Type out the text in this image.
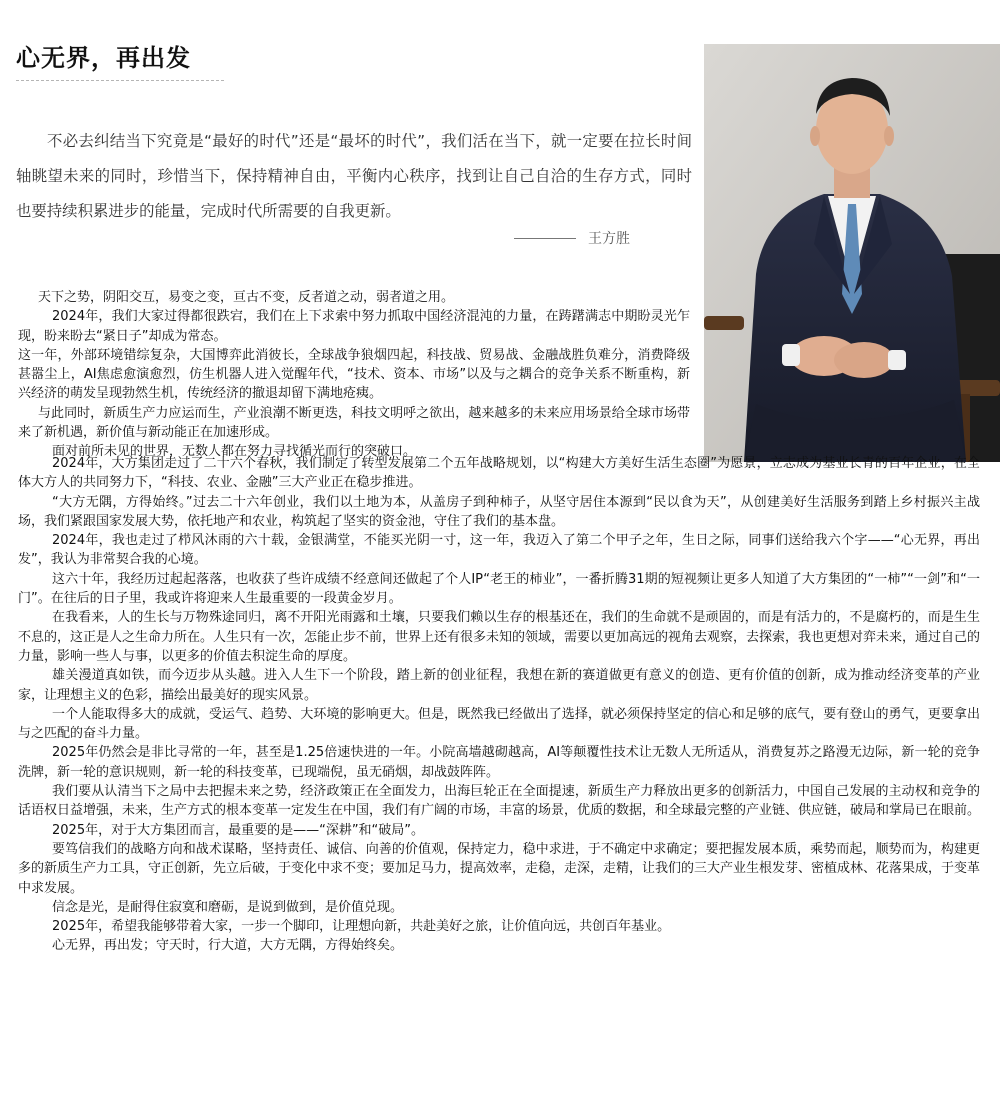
心无界，再出发

不必去纠结当下究竟是“最好的时代”还是“最坏的时代”，我们活在当下，就一定要在拉长时间轴眺望未来的同时，珍惜当下，保持精神自由，平衡内心秩序，找到让自己自洽的生存方式，同时也要持续积累进步的能量，完成时代所需要的自我更新。

王方胜

天下之势，阴阳交互，易变之变，亘古不变，反者道之动，弱者道之用。

2024年，我们大家过得都很跌宕，我们在上下求索中努力抓取中国经济混沌的力量，在踌躇满志中期盼灵光乍现，盼来盼去“紧日子”却成为常态。

这一年，外部环境错综复杂，大国博弈此消彼长，全球战争狼烟四起，科技战、贸易战、金融战胜负难分，消费降级甚嚣尘上，AI焦虑愈演愈烈，仿生机器人进入觉醒年代，“技术、资本、市场”以及与之耦合的竞争关系不断重构，新兴经济的萌发呈现勃然生机，传统经济的撤退却留下满地疮痍。

与此同时，新质生产力应运而生，产业浪潮不断更迭，科技文明呼之欲出，越来越多的未来应用场景给全球市场带来了新机遇，新价值与新动能正在加速形成。

面对前所未见的世界，无数人都在努力寻找循光而行的突破口。

2024年，大方集团走过了二十六个春秋，我们制定了转型发展第二个五年战略规划，以“构建大方美好生活生态圈”为愿景，立志成为基业长青的百年企业，在全体大方人的共同努力下，“科技、农业、金融”三大产业正在稳步推进。

“大方无隅，方得始终。”过去二十六年创业，我们以土地为本，从盖房子到种柿子，从坚守居住本源到“民以食为天”，从创建美好生活服务到踏上乡村振兴主战场，我们紧跟国家发展大势，依托地产和农业，构筑起了坚实的资金池，守住了我们的基本盘。

2024年，我也走过了栉风沐雨的六十载，金银满堂，不能买光阴一寸，这一年，我迈入了第二个甲子之年，生日之际，同事们送给我六个字——“心无界，再出发”，我认为非常契合我的心境。

这六十年，我经历过起起落落，也收获了些许成绩不经意间还做起了个人IP“老王的柿业”，一番折腾31期的短视频让更多人知道了大方集团的“一柿”“一剑”和“一门”。在往后的日子里，我或许将迎来人生最重要的一段黄金岁月。

在我看来，人的生长与万物殊途同归，离不开阳光雨露和土壤，只要我们赖以生存的根基还在，我们的生命就不是顽固的，而是有活力的，不是腐朽的，而是生生不息的，这正是人之生命力所在。人生只有一次，怎能止步不前，世界上还有很多未知的领域，需要以更加高远的视角去观察，去探索，我也更想对弈未来，通过自己的力量，影响一些人与事，以更多的价值去积淀生命的厚度。

雄关漫道真如铁，而今迈步从头越。进入人生下一个阶段，踏上新的创业征程，我想在新的赛道做更有意义的创造、更有价值的创新，成为推动经济变革的产业家，让理想主义的色彩，描绘出最美好的现实风景。

一个人能取得多大的成就，受运气、趋势、大环境的影响更大。但是，既然我已经做出了选择，就必须保持坚定的信心和足够的底气，要有登山的勇气，更要拿出与之匹配的奋斗力量。

2025年仍然会是非比寻常的一年，甚至是1.25倍速快进的一年。小院高墙越砌越高，AI等颠覆性技术让无数人无所适从，消费复苏之路漫无边际，新一轮的竞争洗牌，新一轮的意识规则，新一轮的科技变革，已现端倪，虽无硝烟，却战鼓阵阵。

我们要从认清当下之局中去把握未来之势，经济政策正在全面发力，出海巨轮正在全面提速，新质生产力释放出更多的创新活力，中国自己发展的主动权和竞争的话语权日益增强，未来，生产方式的根本变革一定发生在中国，我们有广阔的市场，丰富的场景，优质的数据，和全球最完整的产业链、供应链，破局和掌局已在眼前。

2025年，对于大方集团而言，最重要的是——“深耕”和“破局”。

要笃信我们的战略方向和战术谋略，坚持责任、诚信、向善的价值观，保持定力，稳中求进，于不确定中求确定；要把握发展本质，乘势而起，顺势而为，构建更多的新质生产力工具，守正创新，先立后破，于变化中求不变；要加足马力，提高效率，走稳，走深，走精，让我们的三大产业生根发芽、密植成林、花落果成，于变革中求发展。

信念是光，是耐得住寂寞和磨砺，是说到做到，是价值兑现。

2025年，希望我能够带着大家，一步一个脚印，让理想向新，共赴美好之旅，让价值向远，共创百年基业。

心无界，再出发；守天时，行大道，大方无隅，方得始终矣。
